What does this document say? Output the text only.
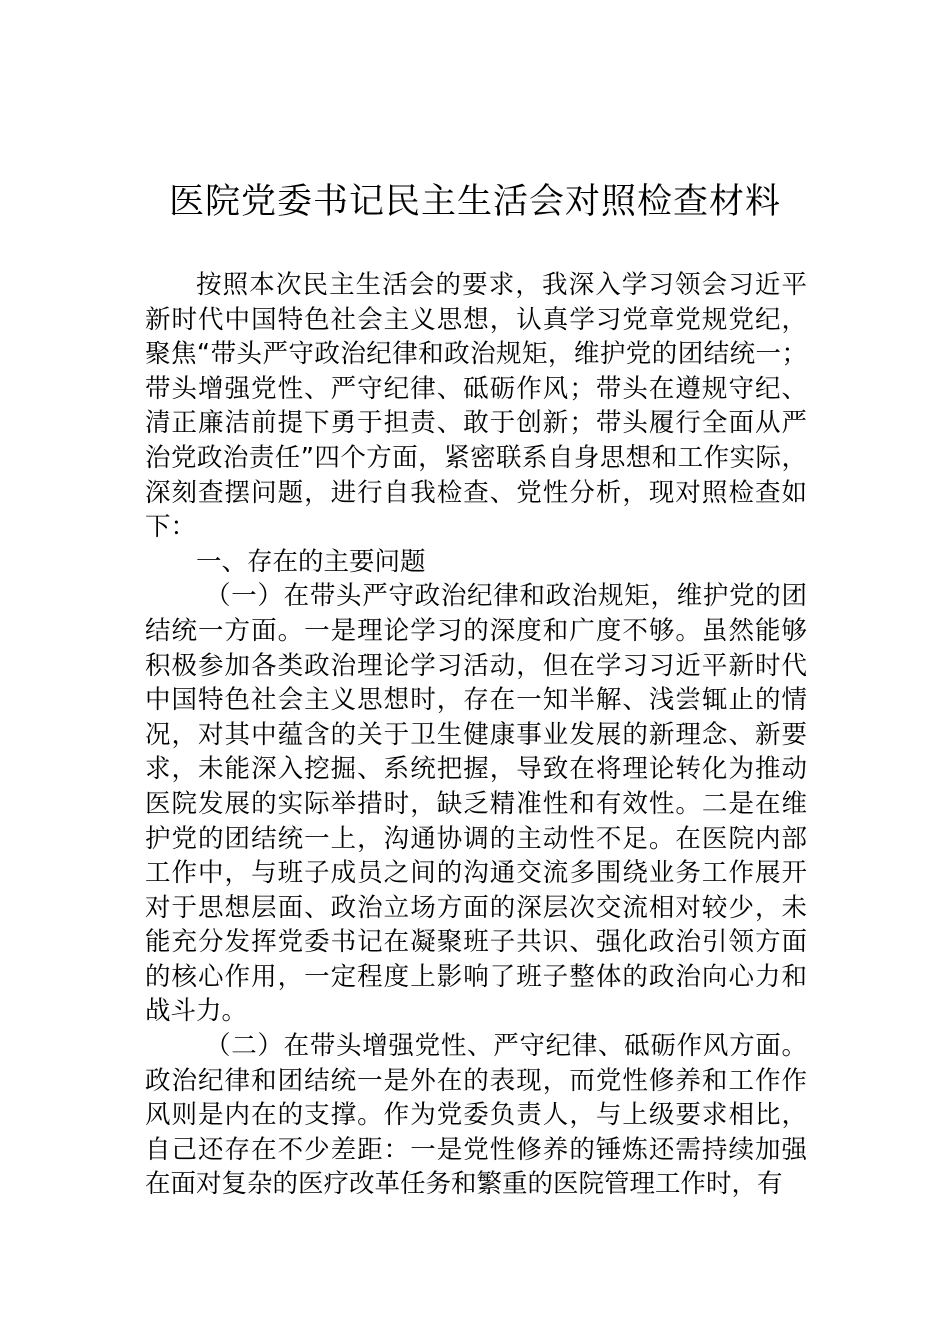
医院党委书记民主生活会对照检查材料

按照本次民主生活会的要求，我深入学习领会习近平新时代中国特色社会主义思想，认真学习党章党规党纪，聚焦“带头严守政治纪律和政治规矩，维护党的团结统一；带头增强党性、严守纪律、砥砺作风；带头在遵规守纪、清正廉洁前提下勇于担责、敢于创新；带头履行全面从严治党政治责任”四个方面，紧密联系自身思想和工作实际，深刻查摆问题，进行自我检查、党性分析，现对照检查如下：

一、存在的主要问题

（一）在带头严守政治纪律和政治规矩，维护党的团结统一方面。一是理论学习的深度和广度不够。虽然能够积极参加各类政治理论学习活动，但在学习习近平新时代中国特色社会主义思想时，存在一知半解、浅尝辄止的情况，对其中蕴含的关于卫生健康事业发展的新理念、新要求，未能深入挖掘、系统把握，导致在将理论转化为推动医院发展的实际举措时，缺乏精准性和有效性。二是在维护党的团结统一上，沟通协调的主动性不足。在医院内部工作中，与班子成员之间的沟通交流多围绕业务工作展开对于思想层面、政治立场方面的深层次交流相对较少，未能充分发挥党委书记在凝聚班子共识、强化政治引领方面的核心作用，一定程度上影响了班子整体的政治向心力和战斗力。

（二）在带头增强党性、严守纪律、砥砺作风方面。政治纪律和团结统一是外在的表现，而党性修养和工作作风则是内在的支撑。作为党委负责人，与上级要求相比，自己还存在不少差距：一是党性修养的锤炼还需持续加强在面对复杂的医疗改革任务和繁重的医院管理工作时，有
